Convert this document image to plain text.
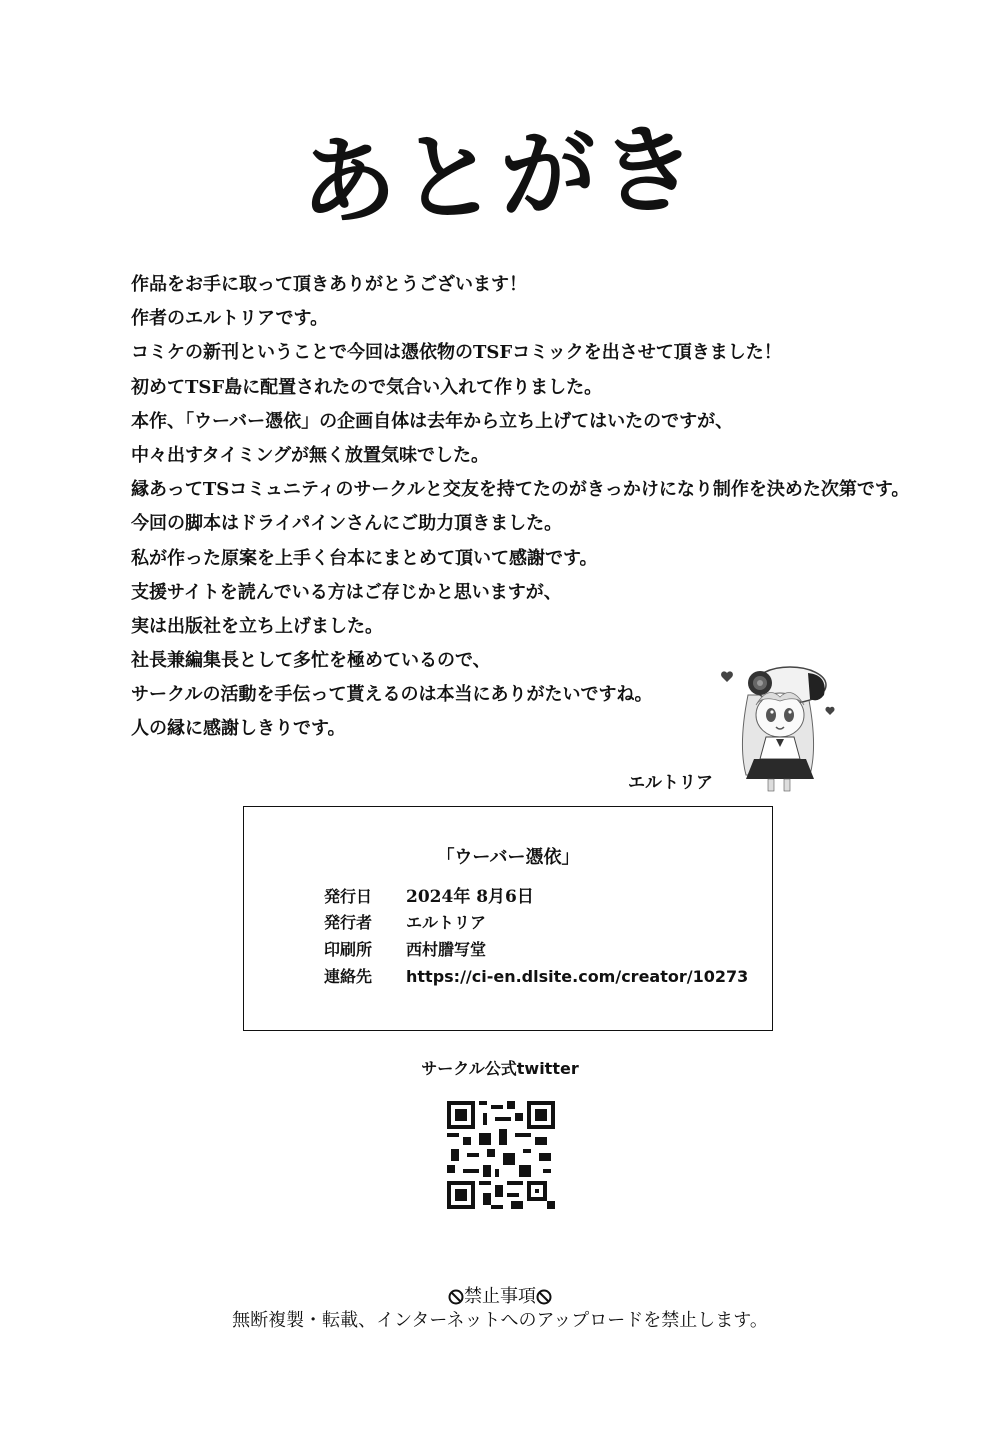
あとがき
作品をお手に取って頂きありがとうございます！
作者のエルトリアです。
コミケの新刊ということで今回は憑依物のTSFコミックを出させて頂きました！
初めてTSF島に配置されたので気合い入れて作りました。
本作、「ウーバー憑依」の企画自体は去年から立ち上げてはいたのですが、
中々出すタイミングが無く放置気味でした。
縁あってTSコミュニティのサークルと交友を持てたのがきっかけになり制作を決めた次第です。
今回の脚本はドライパインさんにご助力頂きました。
私が作った原案を上手く台本にまとめて頂いて感謝です。
支援サイトを読んでいる方はご存じかと思いますが、
実は出版社を立ち上げました。
社長兼編集長として多忙を極めているので、
サークルの活動を手伝って貰えるのは本当にありがたいですね。
人の縁に感謝しきりです。
エルトリア
「ウーバー憑依」
発行日 2024年 8月6日
発行者 エルトリア
印刷所 西村謄写堂
連絡先 https://ci-en.dlsite.com/creator/10273
サークル公式twitter
禁止事項
無断複製・転載、インターネットへのアップロードを禁止します。
